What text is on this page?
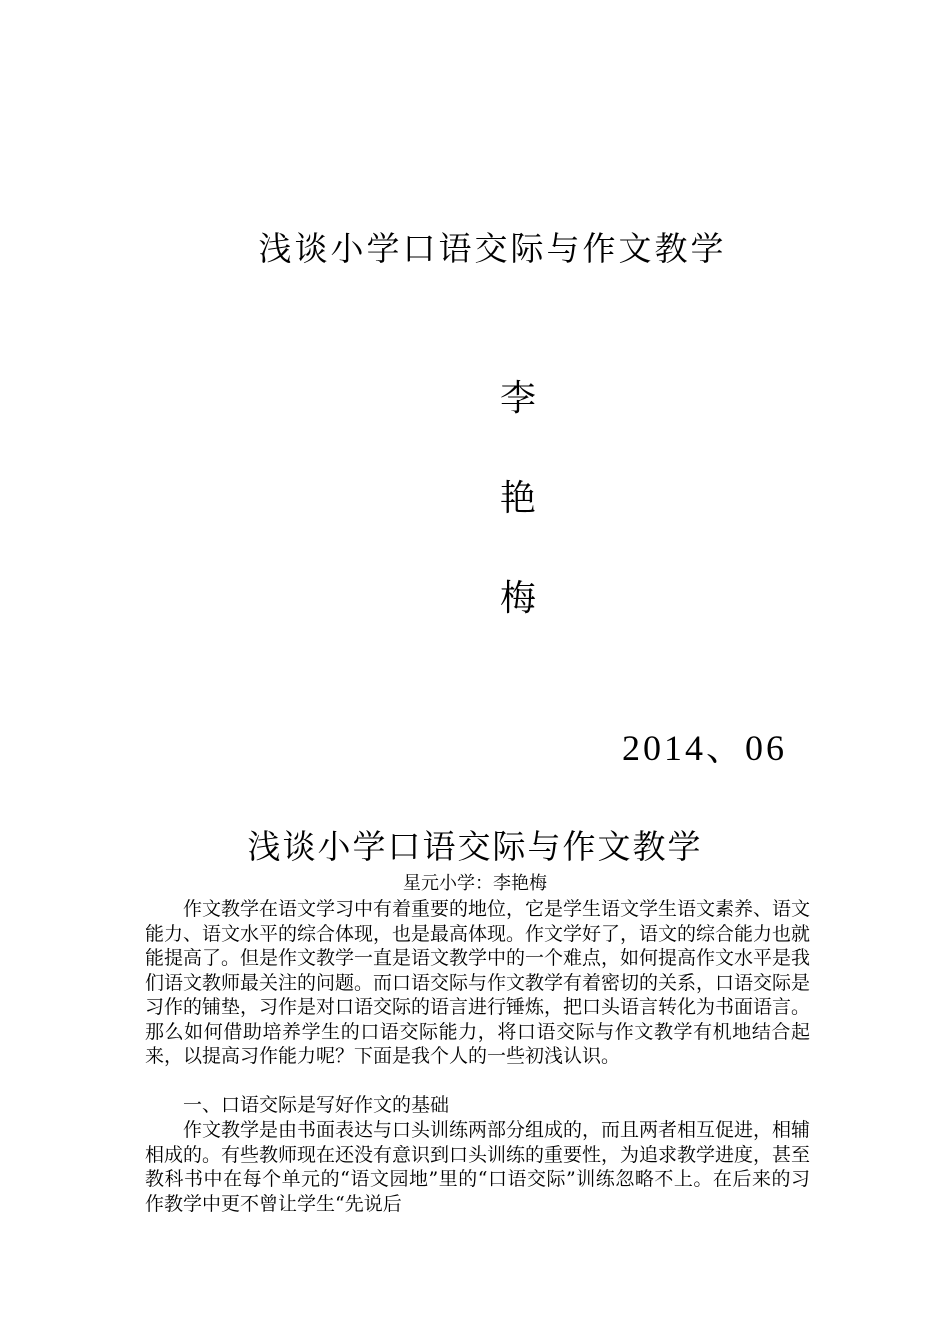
浅谈小学口语交际与作文教学
李
艳
梅
2014、06
浅谈小学口语交际与作文教学
星元小学：李艳梅

作文教学在语文学习中有着重要的地位，它是学生语文学生语文素养、语文能力、语文水平的综合体现，也是最高体现。作文学好了，语文的综合能力也就能提高了。但是作文教学一直是语文教学中的一个难点，如何提高作文水平是我们语文教师最关注的问题。而口语交际与作文教学有着密切的关系，口语交际是习作的铺垫，习作是对口语交际的语言进行锤炼，把口头语言转化为书面语言。那么如何借助培养学生的口语交际能力，将口语交际与作文教学有机地结合起来，以提高习作能力呢？下面是我个人的一些初浅认识。

一、口语交际是写好作文的基础

作文教学是由书面表达与口头训练两部分组成的，而且两者相互促进，相辅相成的。有些教师现在还没有意识到口头训练的重要性，为追求教学进度，甚至教科书中在每个单元的“语文园地”里的“口语交际”训练忽略不上。在后来的习作教学中更不曾让学生“先说后
